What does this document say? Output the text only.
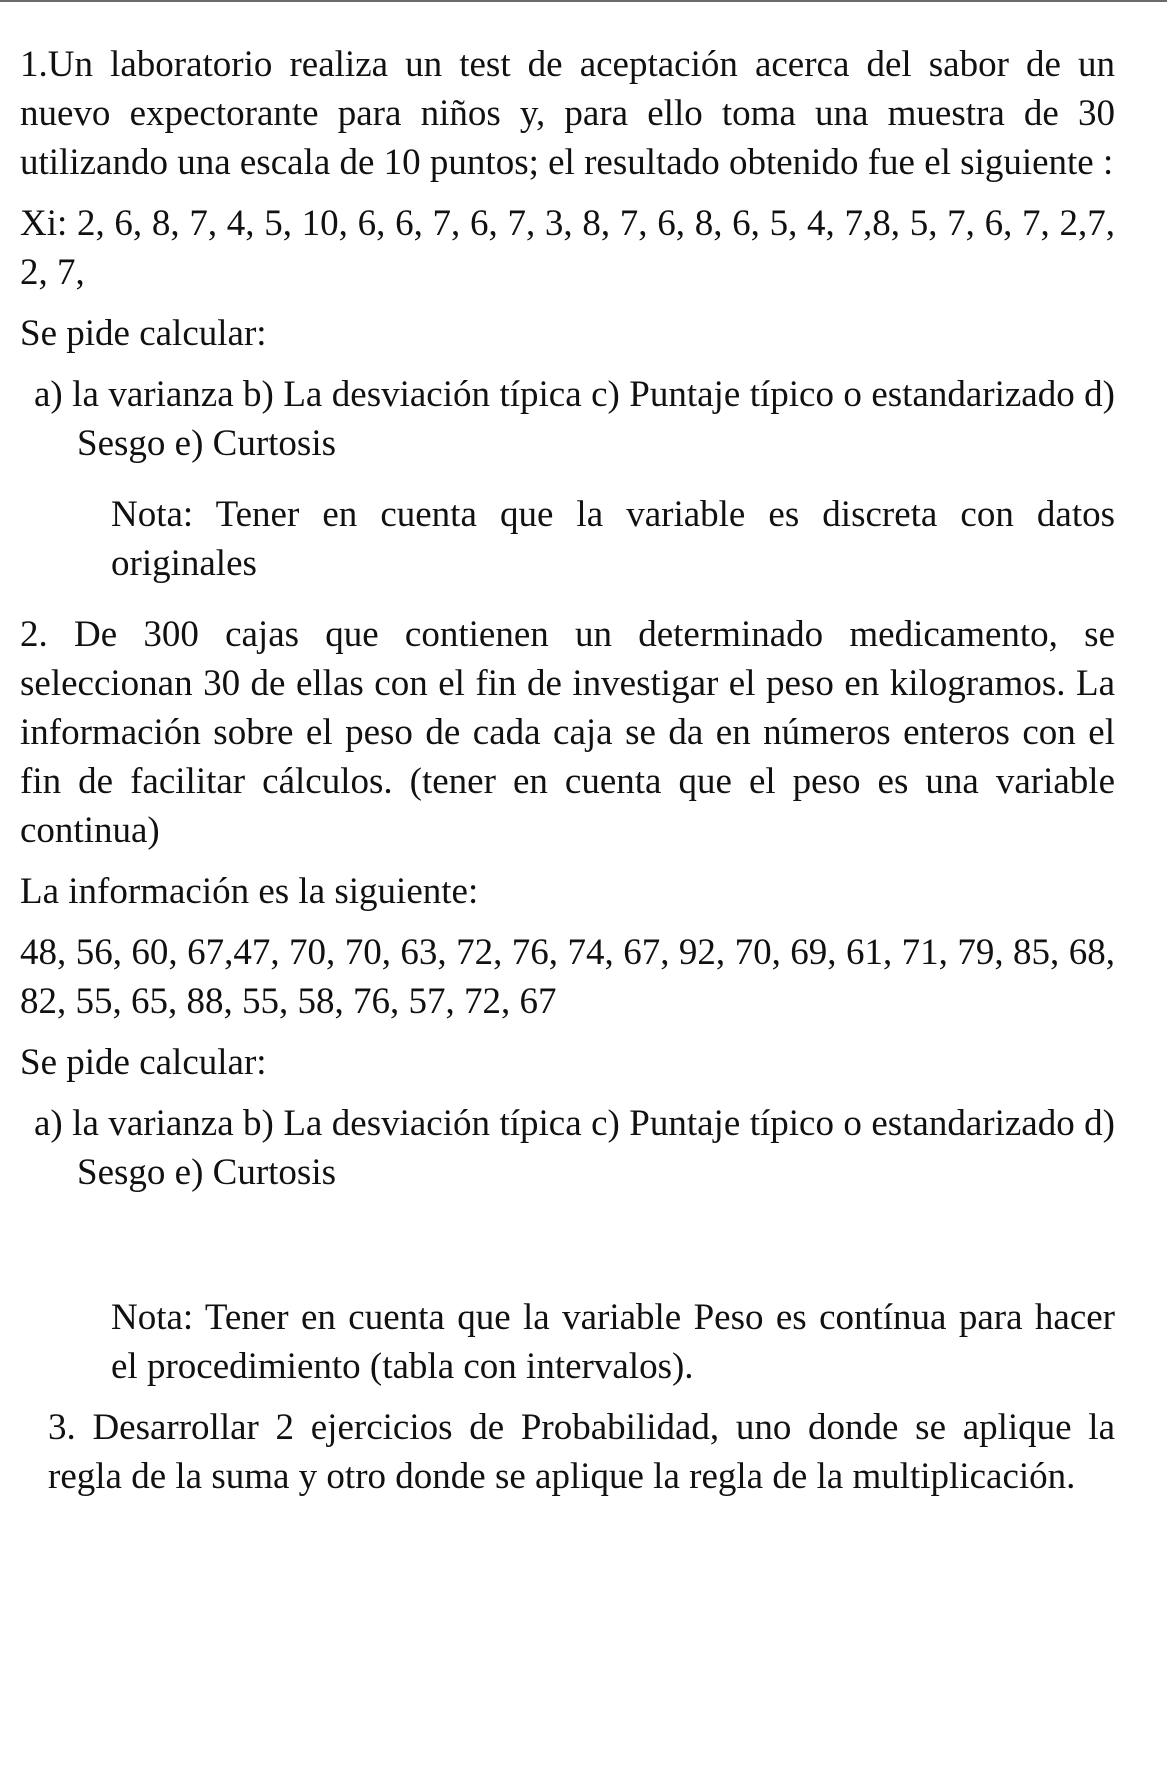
1.Un laboratorio realiza un test de aceptación acerca del sabor de un nuevo expectorante para niños y, para ello toma una muestra de 30 utilizando una escala de 10 puntos; el resultado obtenido fue el siguiente :

Xi: 2, 6, 8, 7, 4, 5, 10, 6, 6, 7, 6, 7, 3, 8, 7, 6, 8, 6, 5, 4, 7,8, 5, 7, 6, 7, 2,7, 2, 7,

Se pide calcular:

a) la varianza b) La desviación típica c) Puntaje típico o estandarizado d) Sesgo e) Curtosis

Nota: Tener en cuenta que la variable es discreta con datos originales

2. De 300 cajas que contienen un determinado medicamento, se seleccionan 30 de ellas con el fin de investigar el peso en kilogramos. La información sobre el peso de cada caja se da en números enteros con el fin de facilitar cálculos. (tener en cuenta que el peso es una variable continua)

La información es la siguiente:

48, 56, 60, 67,47, 70, 70, 63, 72, 76, 74, 67, 92, 70, 69, 61, 71, 79, 85, 68, 82, 55, 65, 88, 55, 58, 76, 57, 72, 67

Se pide calcular:

a) la varianza b) La desviación típica c) Puntaje típico o estandarizado d) Sesgo e) Curtosis

Nota: Tener en cuenta que la variable Peso es contínua para hacer el procedimiento (tabla con intervalos).

3. Desarrollar 2 ejercicios de Probabilidad, uno donde se aplique la regla de la suma y otro donde se aplique la regla de la multiplicación.
